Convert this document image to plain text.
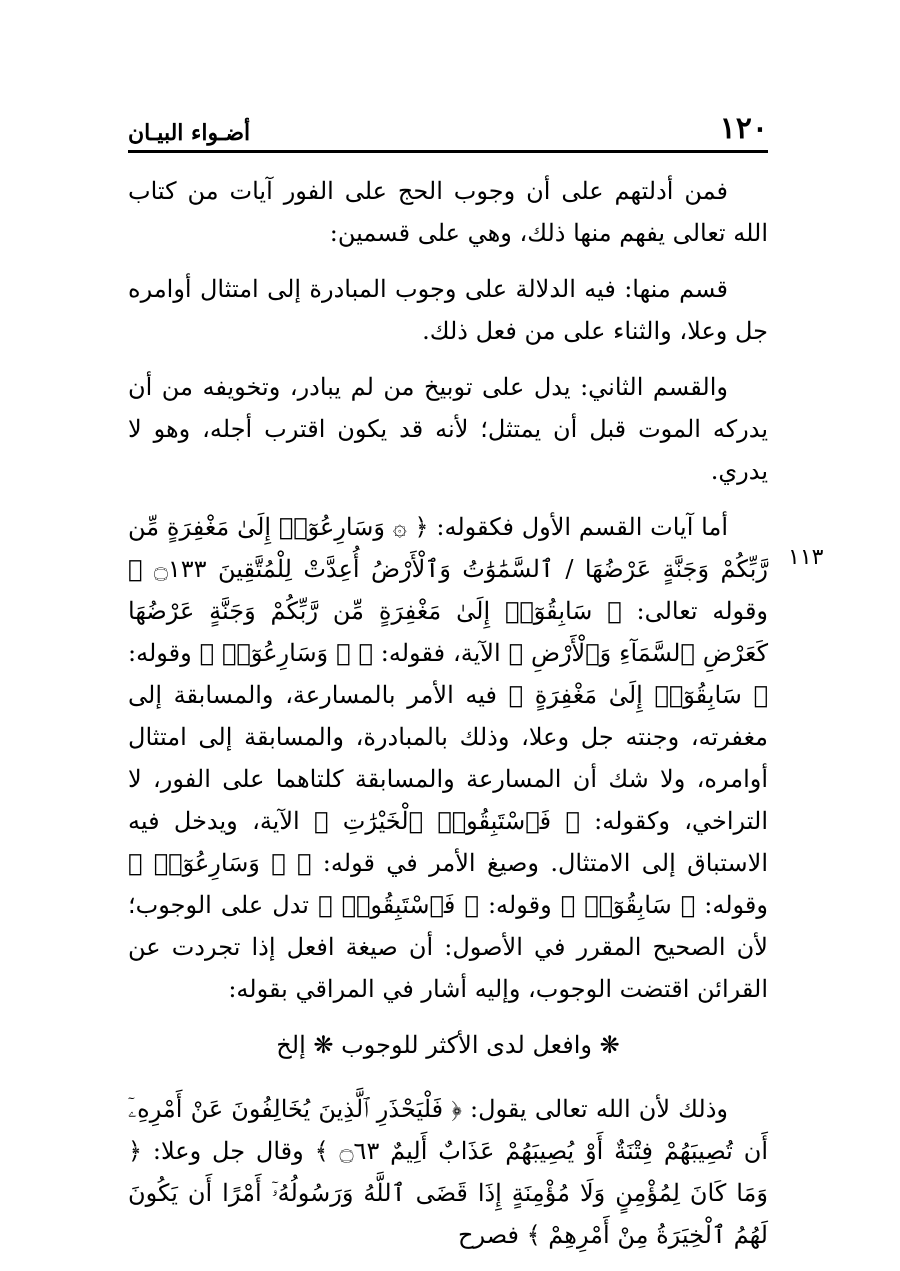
١٢٠
أضـواء البيـان
١١٣

فمن أدلتهم على أن وجوب الحج على الفور آيات من كتاب الله تعالى يفهم منها ذلك، وهي على قسمين:

قسم منها: فيه الدلالة على وجوب المبادرة إلى امتثال أوامره جل وعلا، والثناء على من فعل ذلك.

والقسم الثاني: يدل على توبيخ من لم يبادر، وتخويفه من أن يدركه الموت قبل أن يمتثل؛ لأنه قد يكون اقترب أجله، وهو لا يدري.

أما آيات القسم الأول فكقوله: ﴿ ۞ وَسَارِعُوٓا۟ إِلَىٰ مَغْفِرَةٍ مِّن رَّبِّكُمْ وَجَنَّةٍ عَرْضُهَا / ٱلسَّمَٰوَٰتُ وَٱلْأَرْضُ أُعِدَّتْ لِلْمُتَّقِينَ ۝١٣٣ ﴾ وقوله تعالى: ﴿ سَابِقُوٓا۟ إِلَىٰ مَغْفِرَةٍ مِّن رَّبِّكُمْ وَجَنَّةٍ عَرْضُهَا كَعَرْضِ ٱلسَّمَآءِ وَٱلْأَرْضِ ﴾ الآية، فقوله: ﴿ ۞ وَسَارِعُوٓا۟ ﴾ وقوله: ﴿ سَابِقُوٓا۟ إِلَىٰ مَغْفِرَةٍ ﴾ فيه الأمر بالمسارعة، والمسابقة إلى مغفرته، وجنته جل وعلا، وذلك بالمبادرة، والمسابقة إلى امتثال أوامره، ولا شك أن المسارعة والمسابقة كلتاهما على الفور، لا التراخي، وكقوله: ﴿ فَٱسْتَبِقُوا۟ ٱلْخَيْرَٰتِ ﴾ الآية، ويدخل فيه الاستباق إلى الامتثال. وصيغ الأمر في قوله: ﴿ ۞ وَسَارِعُوٓا۟ ﴾ وقوله: ﴿ سَابِقُوٓا۟ ﴾ وقوله: ﴿ فَٱسْتَبِقُوا۟ ﴾ تدل على الوجوب؛ لأن الصحيح المقرر في الأصول: أن صيغة افعل إذا تجردت عن القرائن اقتضت الوجوب، وإليه أشار في المراقي بقوله:

❋ وافعل لدى الأكثر للوجوب ❋ إلخ

وذلك لأن الله تعالى يقول: ﴿ فَلْيَحْذَرِ ٱلَّذِينَ يُخَالِفُونَ عَنْ أَمْرِهِۦٓ أَن تُصِيبَهُمْ فِتْنَةٌ أَوْ يُصِيبَهُمْ عَذَابٌ أَلِيمٌ ۝٦٣ ﴾ وقال جل وعلا: ﴿ وَمَا كَانَ لِمُؤْمِنٍ وَلَا مُؤْمِنَةٍ إِذَا قَضَى ٱللَّهُ وَرَسُولُهُۥٓ أَمْرًا أَن يَكُونَ لَهُمُ ٱلْخِيَرَةُ مِنْ أَمْرِهِمْ ﴾ فصرح
